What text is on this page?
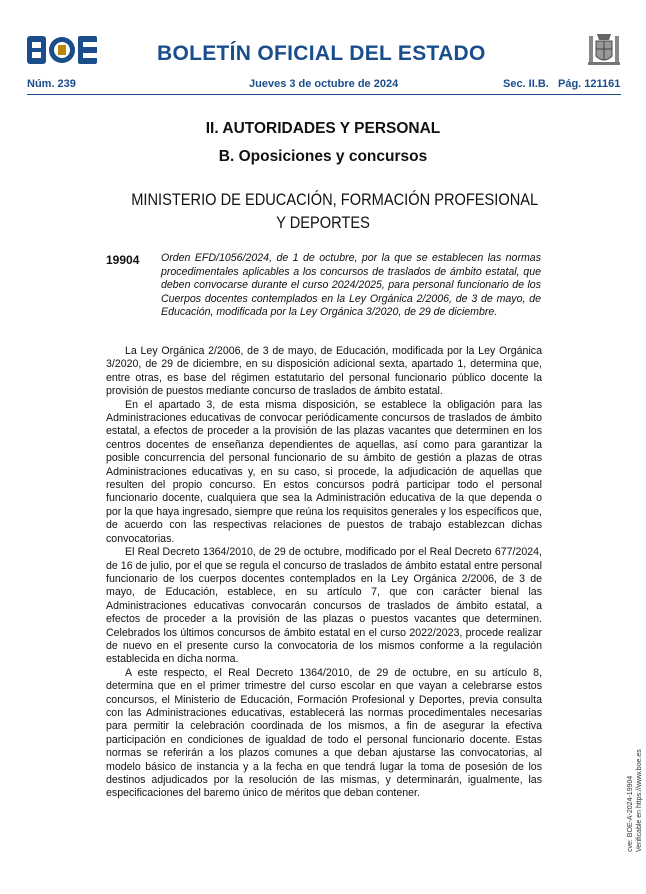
BOLETÍN OFICIAL DEL ESTADO
Núm. 239	Jueves 3 de octubre de 2024	Sec. II.B. Pág. 121161
II. AUTORIDADES Y PERSONAL
B. Oposiciones y concursos
MINISTERIO DE EDUCACIÓN, FORMACIÓN PROFESIONAL
Y DEPORTES
19904 Orden EFD/1056/2024, de 1 de octubre, por la que se establecen las normas procedimentales aplicables a los concursos de traslados de ámbito estatal, que deben convocarse durante el curso 2024/2025, para personal funcionario de los Cuerpos docentes contemplados en la Ley Orgánica 2/2006, de 3 de mayo, de Educación, modificada por la Ley Orgánica 3/2020, de 29 de diciembre.

La Ley Orgánica 2/2006, de 3 de mayo, de Educación, modificada por la Ley Orgánica 3/2020, de 29 de diciembre, en su disposición adicional sexta, apartado 1, determina que, entre otras, es base del régimen estatutario del personal funcionario público docente la provisión de puestos mediante concurso de traslados de ámbito estatal.

En el apartado 3, de esta misma disposición, se establece la obligación para las Administraciones educativas de convocar periódicamente concursos de traslados de ámbito estatal, a efectos de proceder a la provisión de las plazas vacantes que determinen en los centros docentes de enseñanza dependientes de aquellas, así como para garantizar la posible concurrencia del personal funcionario de su ámbito de gestión a plazas de otras Administraciones educativas y, en su caso, si procede, la adjudicación de aquellas que resulten del propio concurso. En estos concursos podrá participar todo el personal funcionario docente, cualquiera que sea la Administración educativa de la que dependa o por la que haya ingresado, siempre que reúna los requisitos generales y los específicos que, de acuerdo con las respectivas relaciones de puestos de trabajo establezcan dichas convocatorias.

El Real Decreto 1364/2010, de 29 de octubre, modificado por el Real Decreto 677/2024, de 16 de julio, por el que se regula el concurso de traslados de ámbito estatal entre personal funcionario de los cuerpos docentes contemplados en la Ley Orgánica 2/2006, de 3 de mayo, de Educación, establece, en su artículo 7, que con carácter bienal las Administraciones educativas convocarán concursos de traslados de ámbito estatal, a efectos de proceder a la provisión de las plazas o puestos vacantes que determinen. Celebrados los últimos concursos de ámbito estatal en el curso 2022/2023, procede realizar de nuevo en el presente curso la convocatoria de los mismos conforme a la regulación establecida en dicha norma.

A este respecto, el Real Decreto 1364/2010, de 29 de octubre, en su artículo 8, determina que en el primer trimestre del curso escolar en que vayan a celebrarse estos concursos, el Ministerio de Educación, Formación Profesional y Deportes, previa consulta con las Administraciones educativas, establecerá las normas procedimentales necesarias para permitir la celebración coordinada de los mismos, a fin de asegurar la efectiva participación en condiciones de igualdad de todo el personal funcionario docente. Estas normas se referirán a los plazos comunes a que deban ajustarse las convocatorias, al modelo básico de instancia y a la fecha en que tendrá lugar la toma de posesión de los destinos adjudicados por la resolución de las mismas, y determinarán, igualmente, las especificaciones del baremo único de méritos que deban contener.	cve: BOE-A-2024-19904 Verificable en https://www.boe.es
